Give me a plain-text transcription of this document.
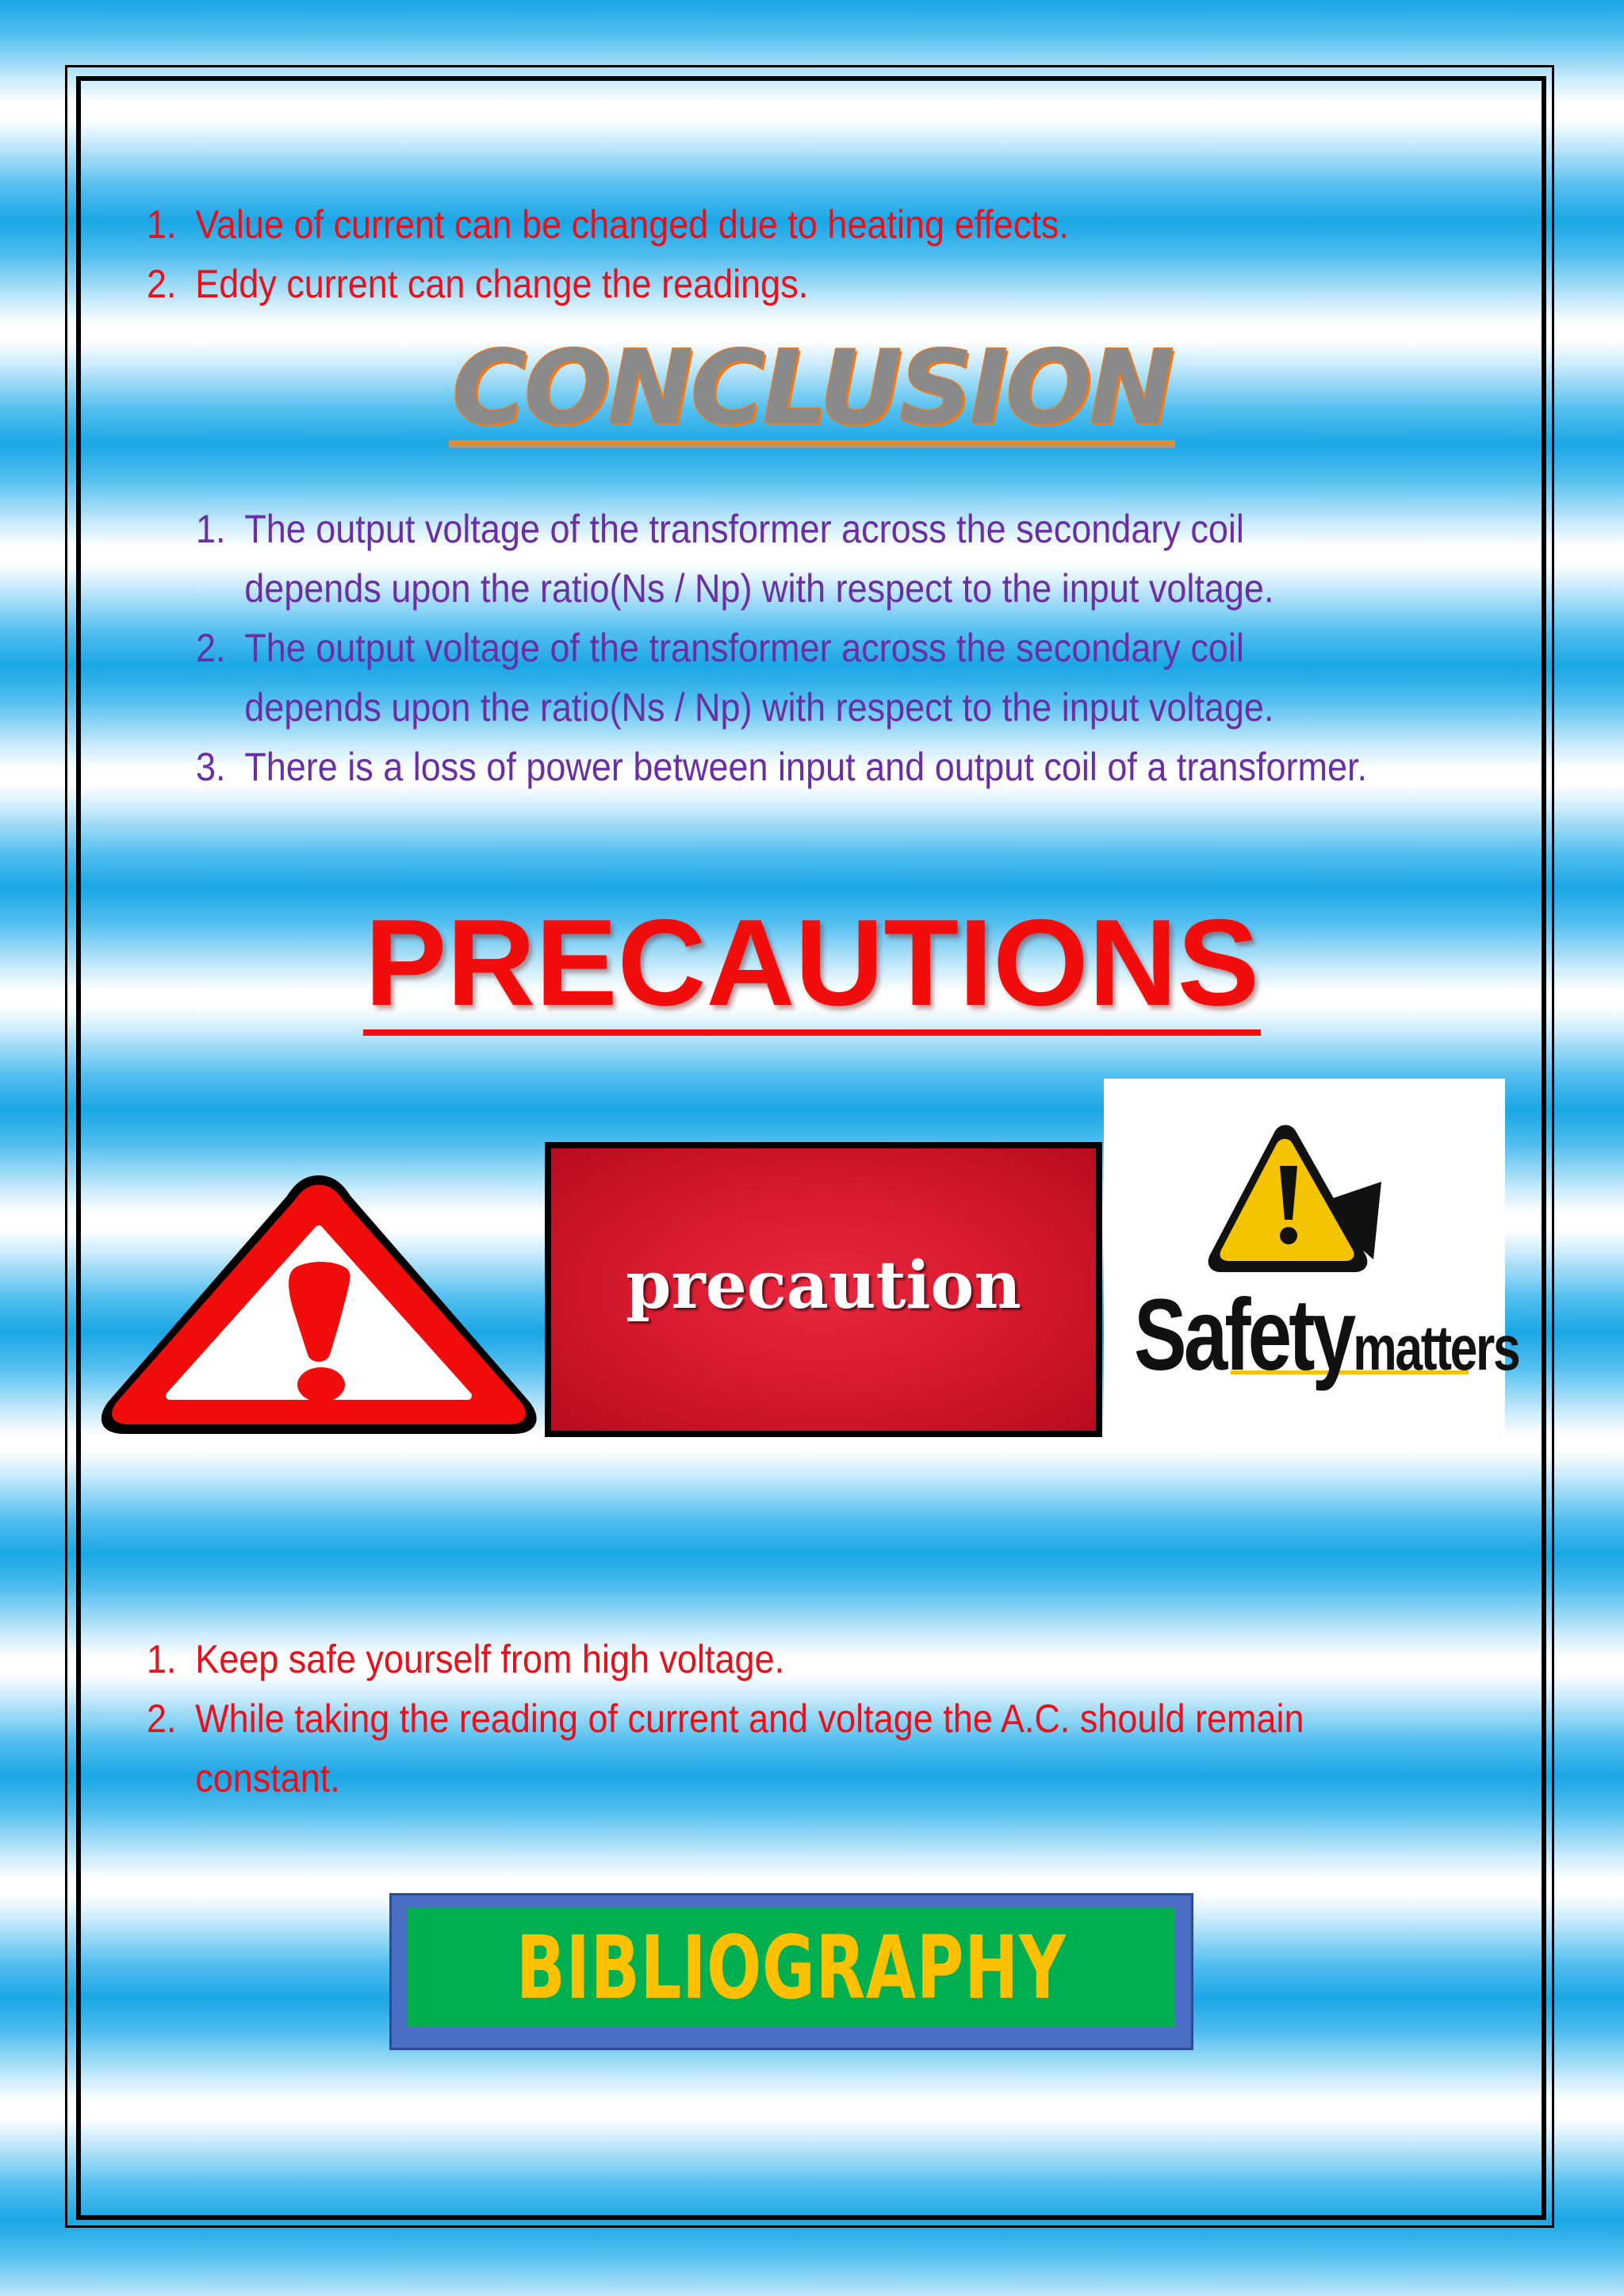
1. Value of current can be changed due to heating effects.
2. Eddy current can change the readings.
CONCLUSION
1. The output voltage of the transformer across the secondary coil
depends upon the ratio(Ns / Np) with respect to the input voltage.
2. The output voltage of the transformer across the secondary coil
depends upon the ratio(Ns / Np) with respect to the input voltage.
3. There is a loss of power between input and output coil of a transformer.
PRECAUTIONS
precaution Safetymatters
1. Keep safe yourself from high voltage.
2. While taking the reading of current and voltage the A.C. should remain
constant.
BIBLIOGRAPHY
